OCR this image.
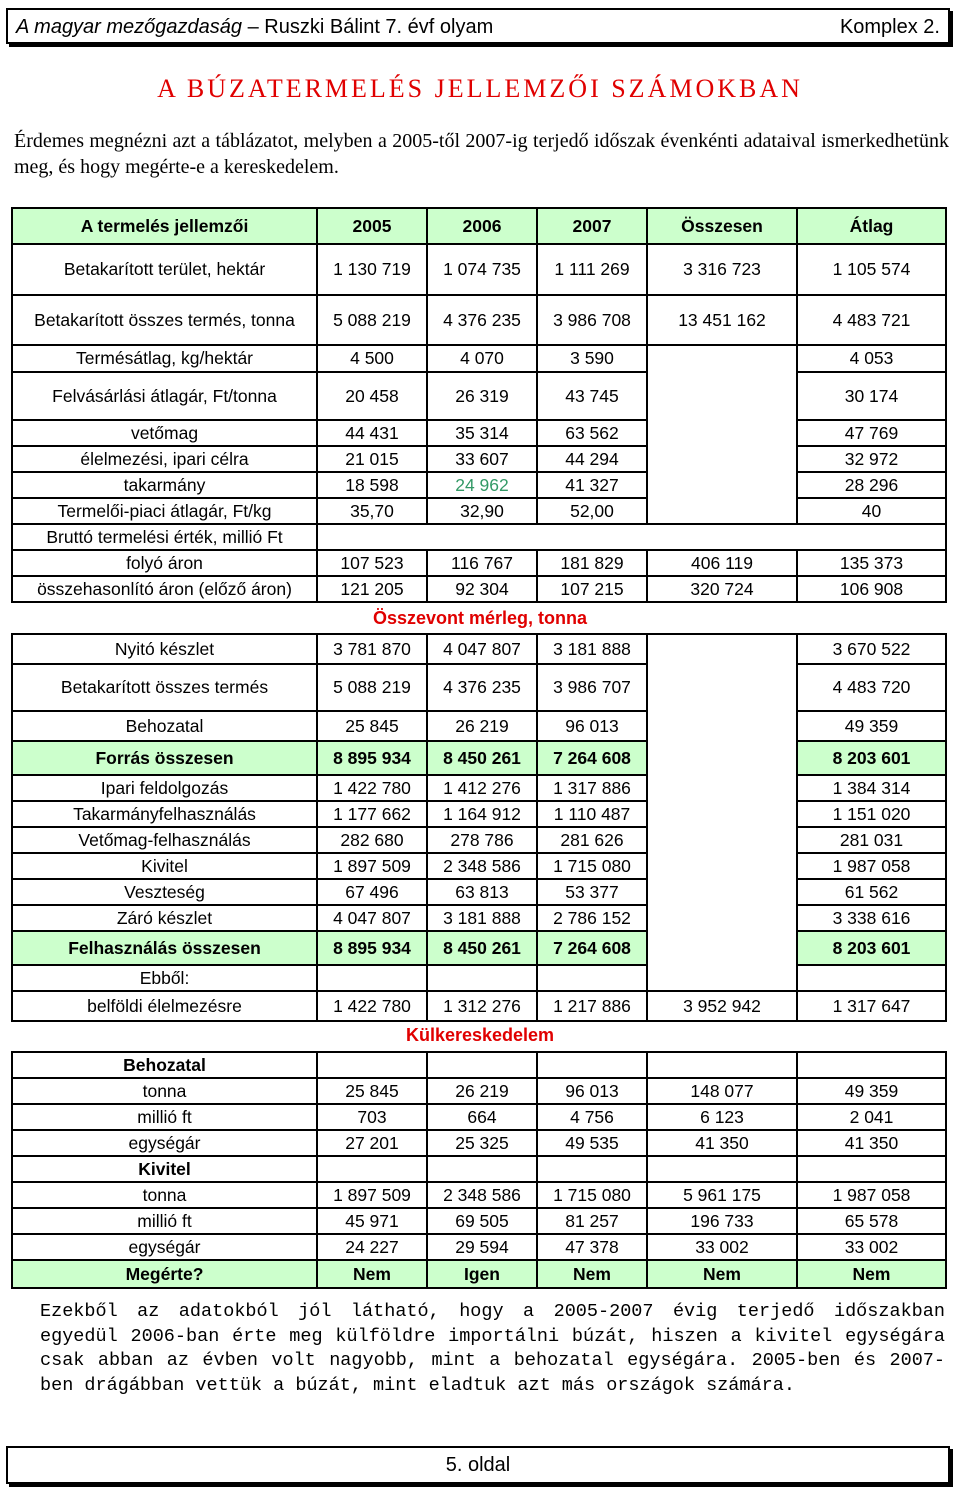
A magyar mezőgazdaság – Ruszki Bálint 7. évf olyam	Komplex 2.
A BÚZATERMELÉS JELLEMZŐI SZÁMOKBAN
Érdemes megnézni azt a táblázatot, melyben a 2005-től 2007-ig terjedő időszak évenkénti adataival ismerkedhetünk meg, és hogy megérte-e a kereskedelem.
A termelés jellemzői	2005	2006	2007	Összesen	Átlag
Betakarított terület, hektár	1 130 719	1 074 735	1 111 269	3 316 723	1 105 574
Betakarított összes termés, tonna	5 088 219	4 376 235	3 986 708	13 451 162	4 483 721
Termésátlag, kg/hektár	4 500	4 070	3 590		4 053
Felvásárlási átlagár, Ft/tonna	20 458	26 319	43 745		30 174
vetőmag	44 431	35 314	63 562		47 769
élelmezési, ipari célra	21 015	33 607	44 294		32 972
takarmány	18 598	24 962	41 327		28 296
Termelői-piaci átlagár, Ft/kg	35,70	32,90	52,00		40
Bruttó termelési érték, millió Ft					
folyó áron	107 523	116 767	181 829	406 119	135 373
összehasonlító áron (előző áron)	121 205	92 304	107 215	320 724	106 908
Összevont mérleg, tonna
Nyitó készlet	3 781 870	4 047 807	3 181 888		3 670 522
Betakarított összes termés	5 088 219	4 376 235	3 986 707		4 483 720
Behozatal	25 845	26 219	96 013		49 359
Forrás összesen	8 895 934	8 450 261	7 264 608		8 203 601
Ipari feldolgozás	1 422 780	1 412 276	1 317 886		1 384 314
Takarmányfelhasználás	1 177 662	1 164 912	1 110 487		1 151 020
Vetőmag-felhasználás	282 680	278 786	281 626		281 031
Kivitel	1 897 509	2 348 586	1 715 080		1 987 058
Veszteség	67 496	63 813	53 377		61 562
Záró készlet	4 047 807	3 181 888	2 786 152		3 338 616
Felhasználás összesen	8 895 934	8 450 261	7 264 608		8 203 601
Ebből:					
belföldi élelmezésre	1 422 780	1 312 276	1 217 886	3 952 942	1 317 647
Külkereskedelem
Behozatal					
tonna	25 845	26 219	96 013	148 077	49 359
millió ft	703	664	4 756	6 123	2 041
egységár	27 201	25 325	49 535	41 350	41 350
Kivitel					
tonna	1 897 509	2 348 586	1 715 080	5 961 175	1 987 058
millió ft	45 971	69 505	81 257	196 733	65 578
egységár	24 227	29 594	47 378	33 002	33 002
Megérte?	Nem	Igen	Nem	Nem	Nem
Ezekből az adatokból jól látható, hogy a 2005-2007 évig terjedő időszakban egyedül 2006-ban érte meg külföldre importálni búzát, hiszen a kivitel egységára csak abban az évben volt nagyobb, mint a behozatal egységára. 2005-ben és 2007-ben drágábban vettük a búzát, mint eladtuk azt más országok számára.
5. oldal
